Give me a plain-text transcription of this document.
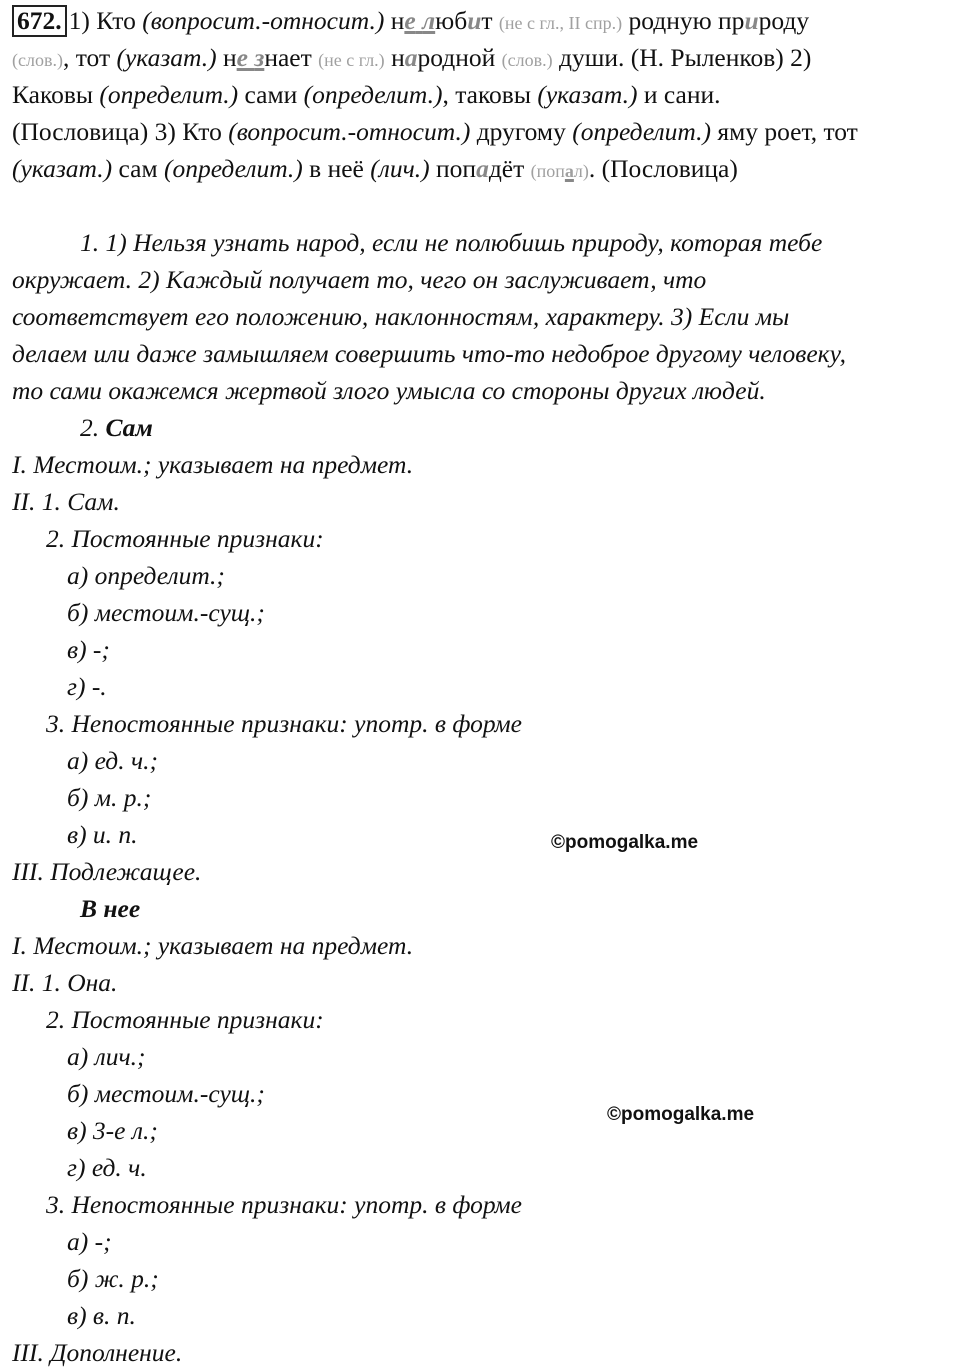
672. 1) Кто (вопросит.-относит.) не любит (не с гл., II спр.) родную природу
(слов.), тот (указат.) не знает (не с гл.) народной (слов.) души. (Н. Рыленков) 2)
Каковы (определит.) сами (определит.), таковы (указат.) и сани.
(Пословица) 3) Кто (вопросит.-относит.) другому (определит.) яму роет, тот
(указат.) сам (определит.) в неё (лич.) попадёт (попал). (Пословица)
1. 1) Нельзя узнать народ, если не полюбишь природу, которая тебе
окружает. 2) Каждый получает то, чего он заслуживает, что
соответствует его положению, наклонностям, характеру. 3) Если мы
делаем или даже замышляем совершить что-то недоброе другому человеку,
то сами окажемся жертвой злого умысла со стороны других людей.
2. Сам
I. Местоим.; указывает на предмет.
II. 1. Сам.
2. Постоянные признаки:
а) определит.;
б) местоим.-сущ.;
в) -;
г) -.
3. Непостоянные признаки: употр. в форме
а) ед. ч.;
б) м. р.;
в) и. п.
III. Подлежащее.
©pomogalka.me
В нее
I. Местоим.; указывает на предмет.
II. 1. Она.
2. Постоянные признаки:
а) лич.;
б) местоим.-сущ.;
в) 3-е л.;
г) ед. ч.
3. Непостоянные признаки: употр. в форме
а) -;
б) ж. р.;
в) в. п.
III. Дополнение.
©pomogalka.me
